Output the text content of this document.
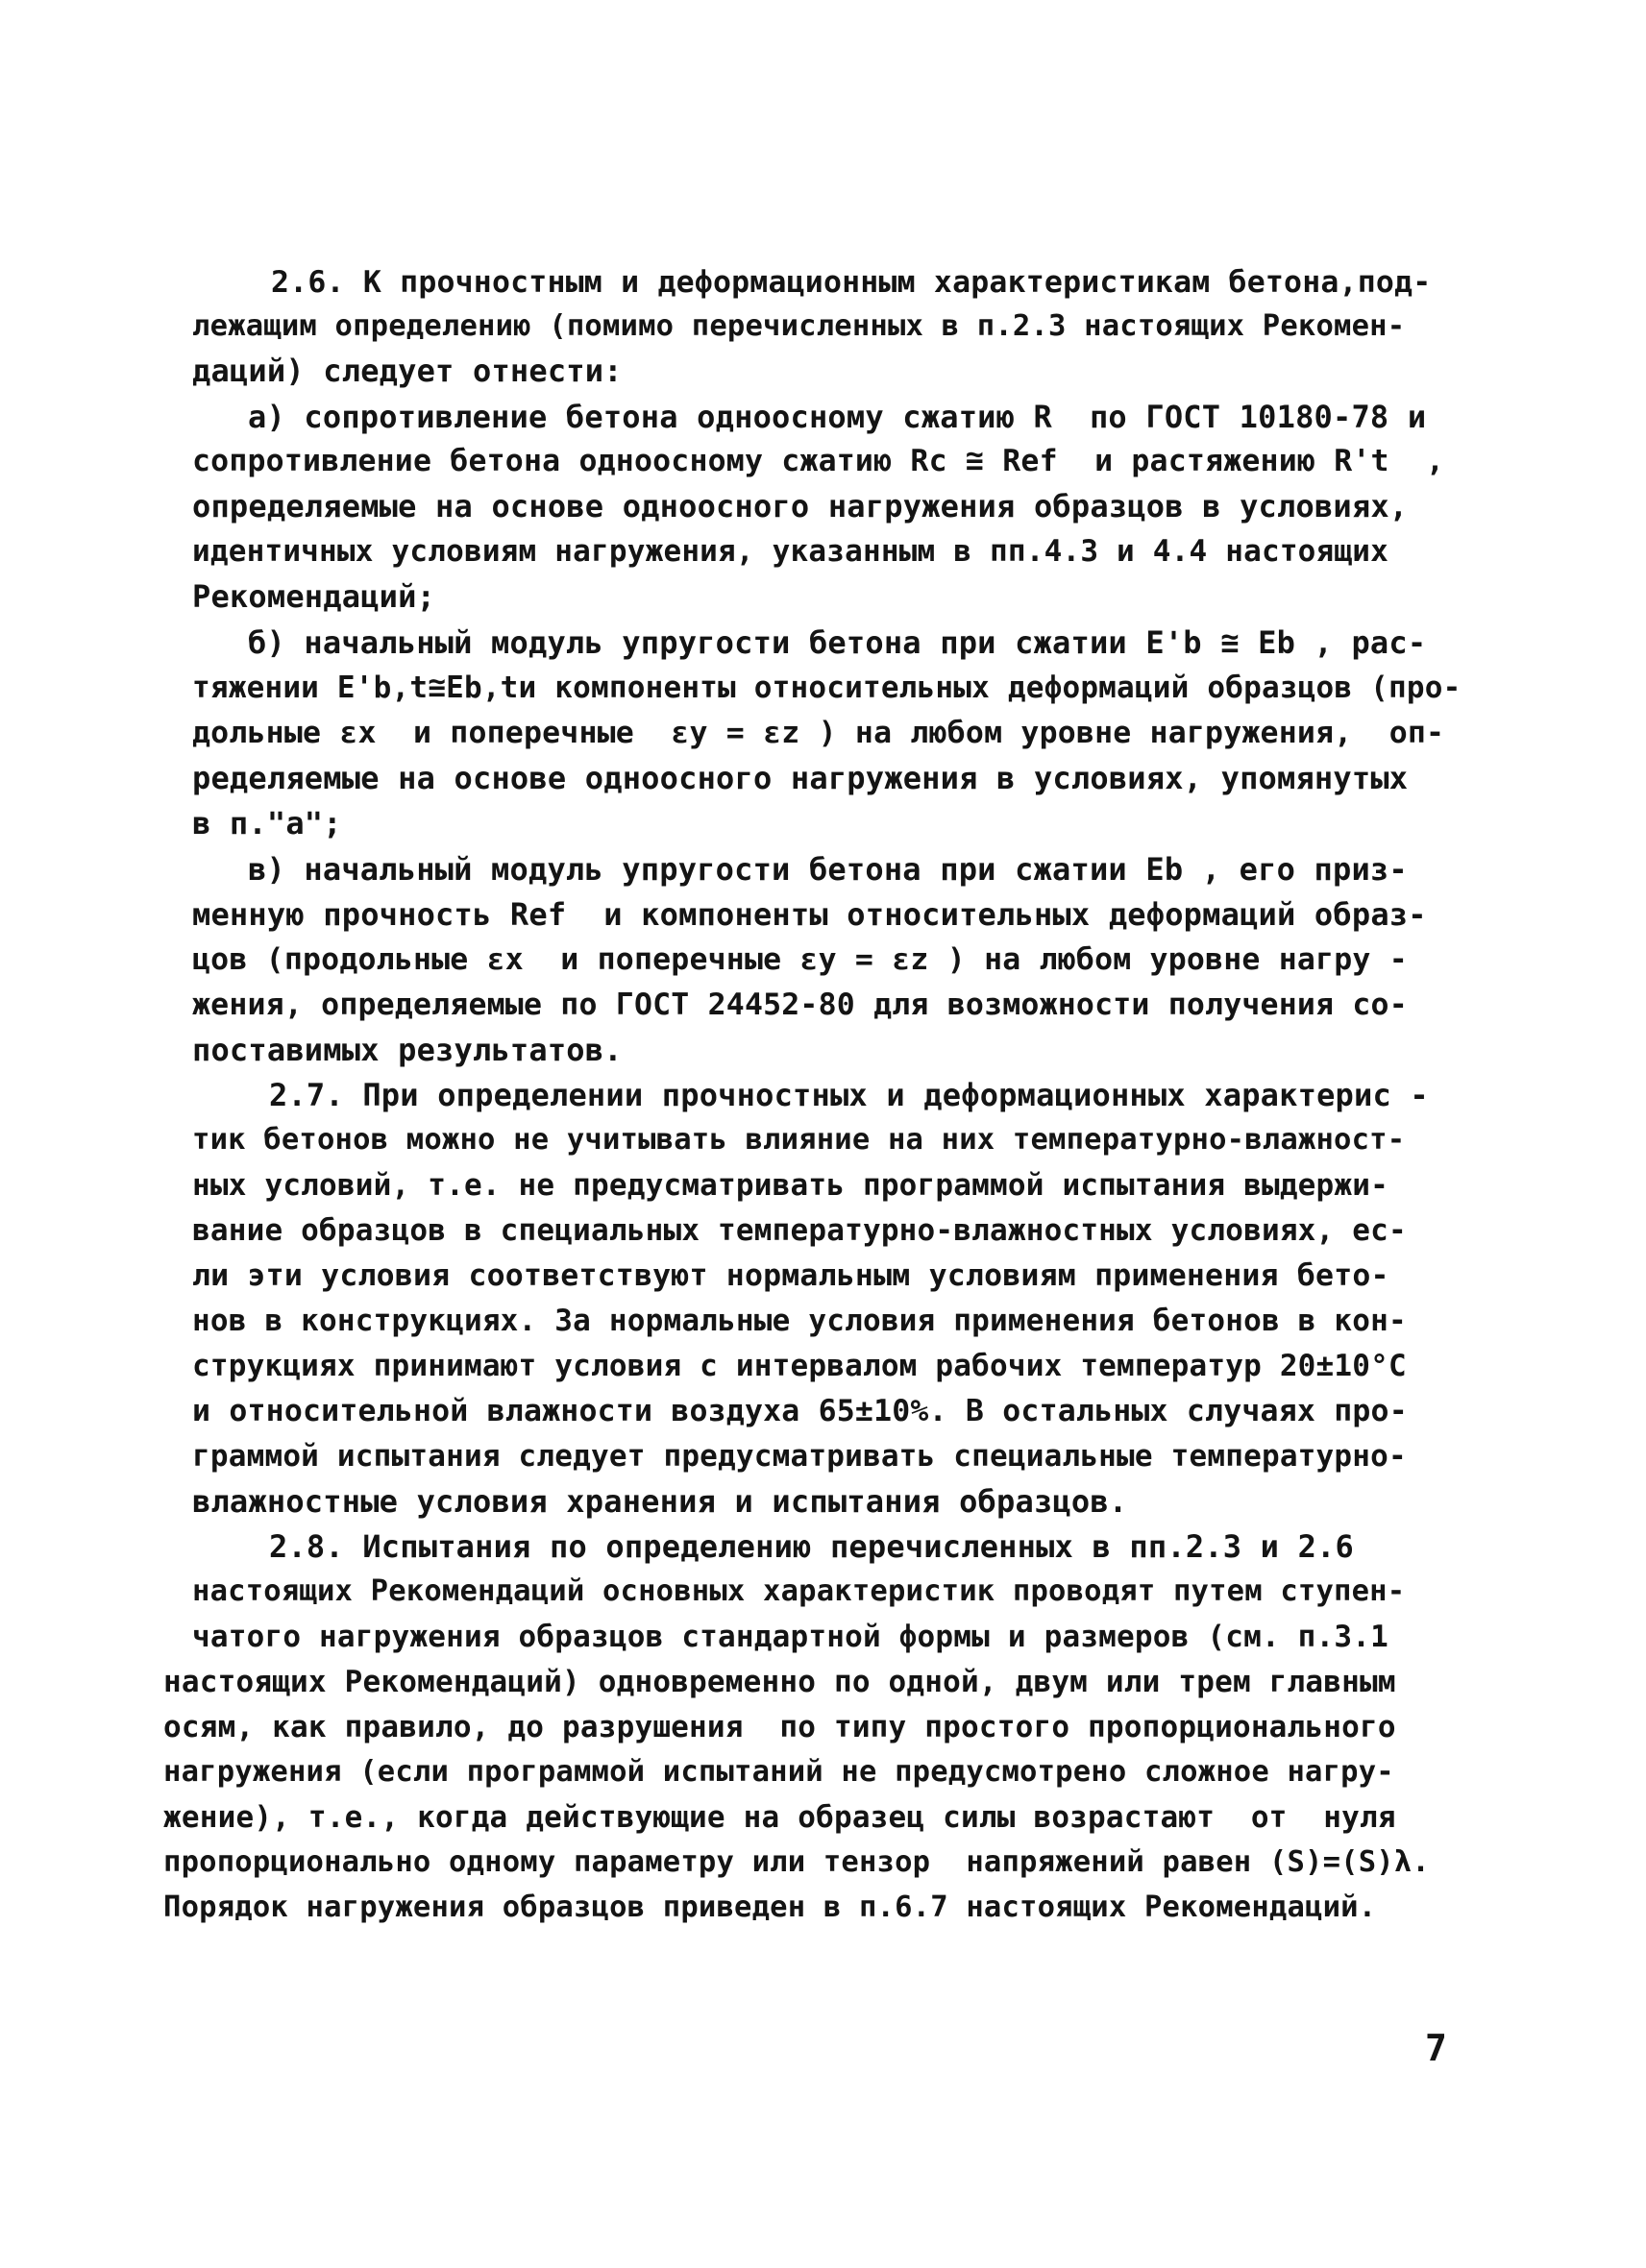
2.6. К прочностным и деформационным характеристикам бетона,под-

лежащим определению (помимо перечисленных в п.2.3 настоящих Рекомен-

даций) следует отнести:

а) сопротивление бетона одноосному сжатию R  по ГОСТ 10180-78 и

сопротивление бетона одноосному сжатию Rc ≅ Ref  и растяжению R't  ,

определяемые на основе одноосного нагружения образцов в условиях,

идентичных условиям нагружения, указанным в пп.4.3 и 4.4 настоящих

Рекомендаций;

б) начальный модуль упругости бетона при сжатии E'b ≅ Eb , рас-

тяжении E'b,t≅Eb,tи компоненты относительных деформаций образцов (про-

дольные εx  и поперечные  εy = εz ) на любом уровне нагружения,  оп-

ределяемые на основе одноосного нагружения в условиях, упомянутых

в п."а";

в) начальный модуль упругости бетона при сжатии Eb , его приз-

менную прочность Ref  и компоненты относительных деформаций образ-

цов (продольные εx  и поперечные εy = εz ) на любом уровне нагру -

жения, определяемые по ГОСТ 24452-80 для возможности получения со-

поставимых результатов.

2.7. При определении прочностных и деформационных характерис -

тик бетонов можно не учитывать влияние на них температурно-влажност-

ных условий, т.е. не предусматривать программой испытания выдержи-

вание образцов в специальных температурно-влажностных условиях, ес-

ли эти условия соответствуют нормальным условиям применения бето-

нов в конструкциях. За нормальные условия применения бетонов в кон-

струкциях принимают условия с интервалом рабочих температур 20±10°C

и относительной влажности воздуха 65±10%. В остальных случаях про-

граммой испытания следует предусматривать специальные температурно-

влажностные условия хранения и испытания образцов.

2.8. Испытания по определению перечисленных в пп.2.3 и 2.6

настоящих Рекомендаций основных характеристик проводят путем ступен-

чатого нагружения образцов стандартной формы и размеров (см. п.3.1

настоящих Рекомендаций) одновременно по одной, двум или трем главным

осям, как правило, до разрушения  по типу простого пропорционального

нагружения (если программой испытаний не предусмотрено сложное нагру-

жение), т.е., когда действующие на образец силы возрастают  от  нуля

пропорционально одному параметру или тензор  напряжений равен (S)=(S)λ.

Порядок нагружения образцов приведен в п.6.7 настоящих Рекомендаций.

7
